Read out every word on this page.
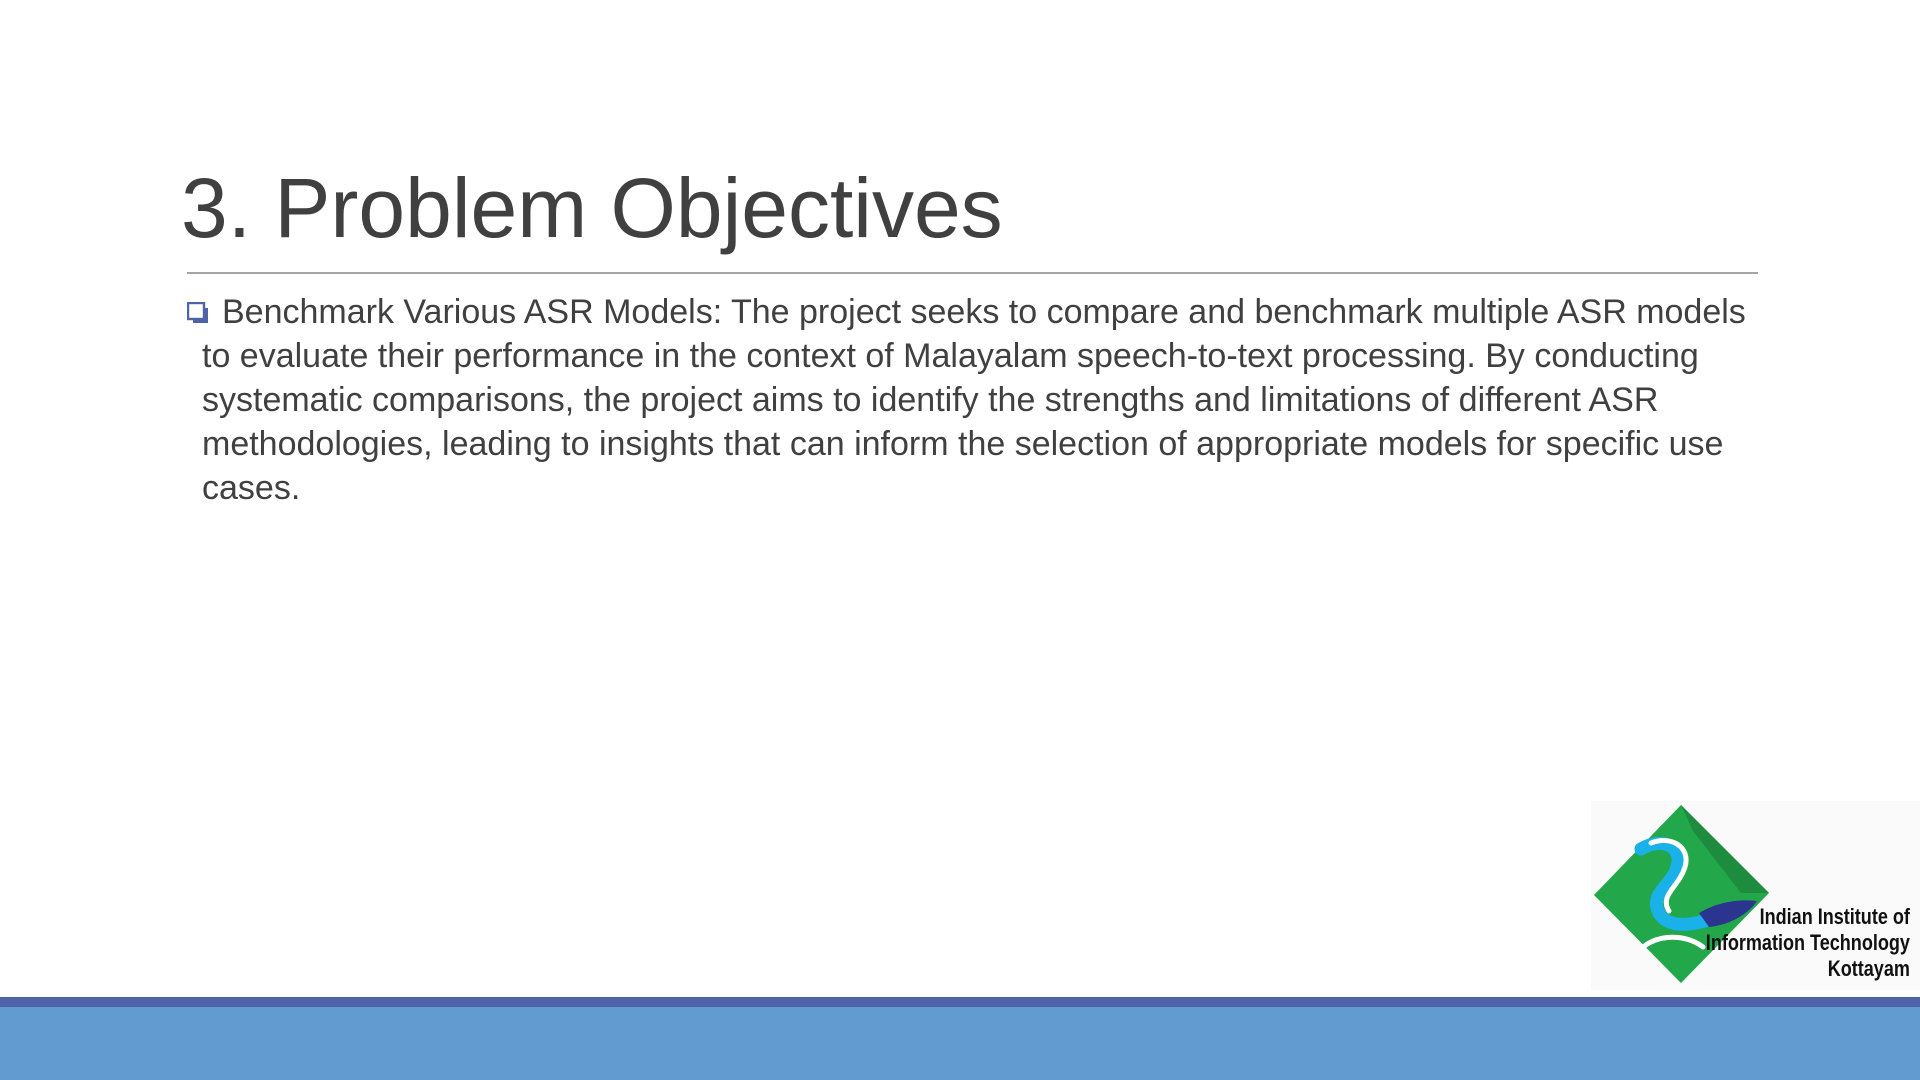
3. Problem Objectives
Benchmark Various ASR Models: The project seeks to compare and benchmark multiple ASR models to evaluate their performance in the context of Malayalam speech-to-text processing. By conducting systematic comparisons, the project aims to identify the strengths and limitations of different ASR methodologies, leading to insights that can inform the selection of appropriate models for specific use cases.
Indian Institute of
Information Technology
Kottayam
